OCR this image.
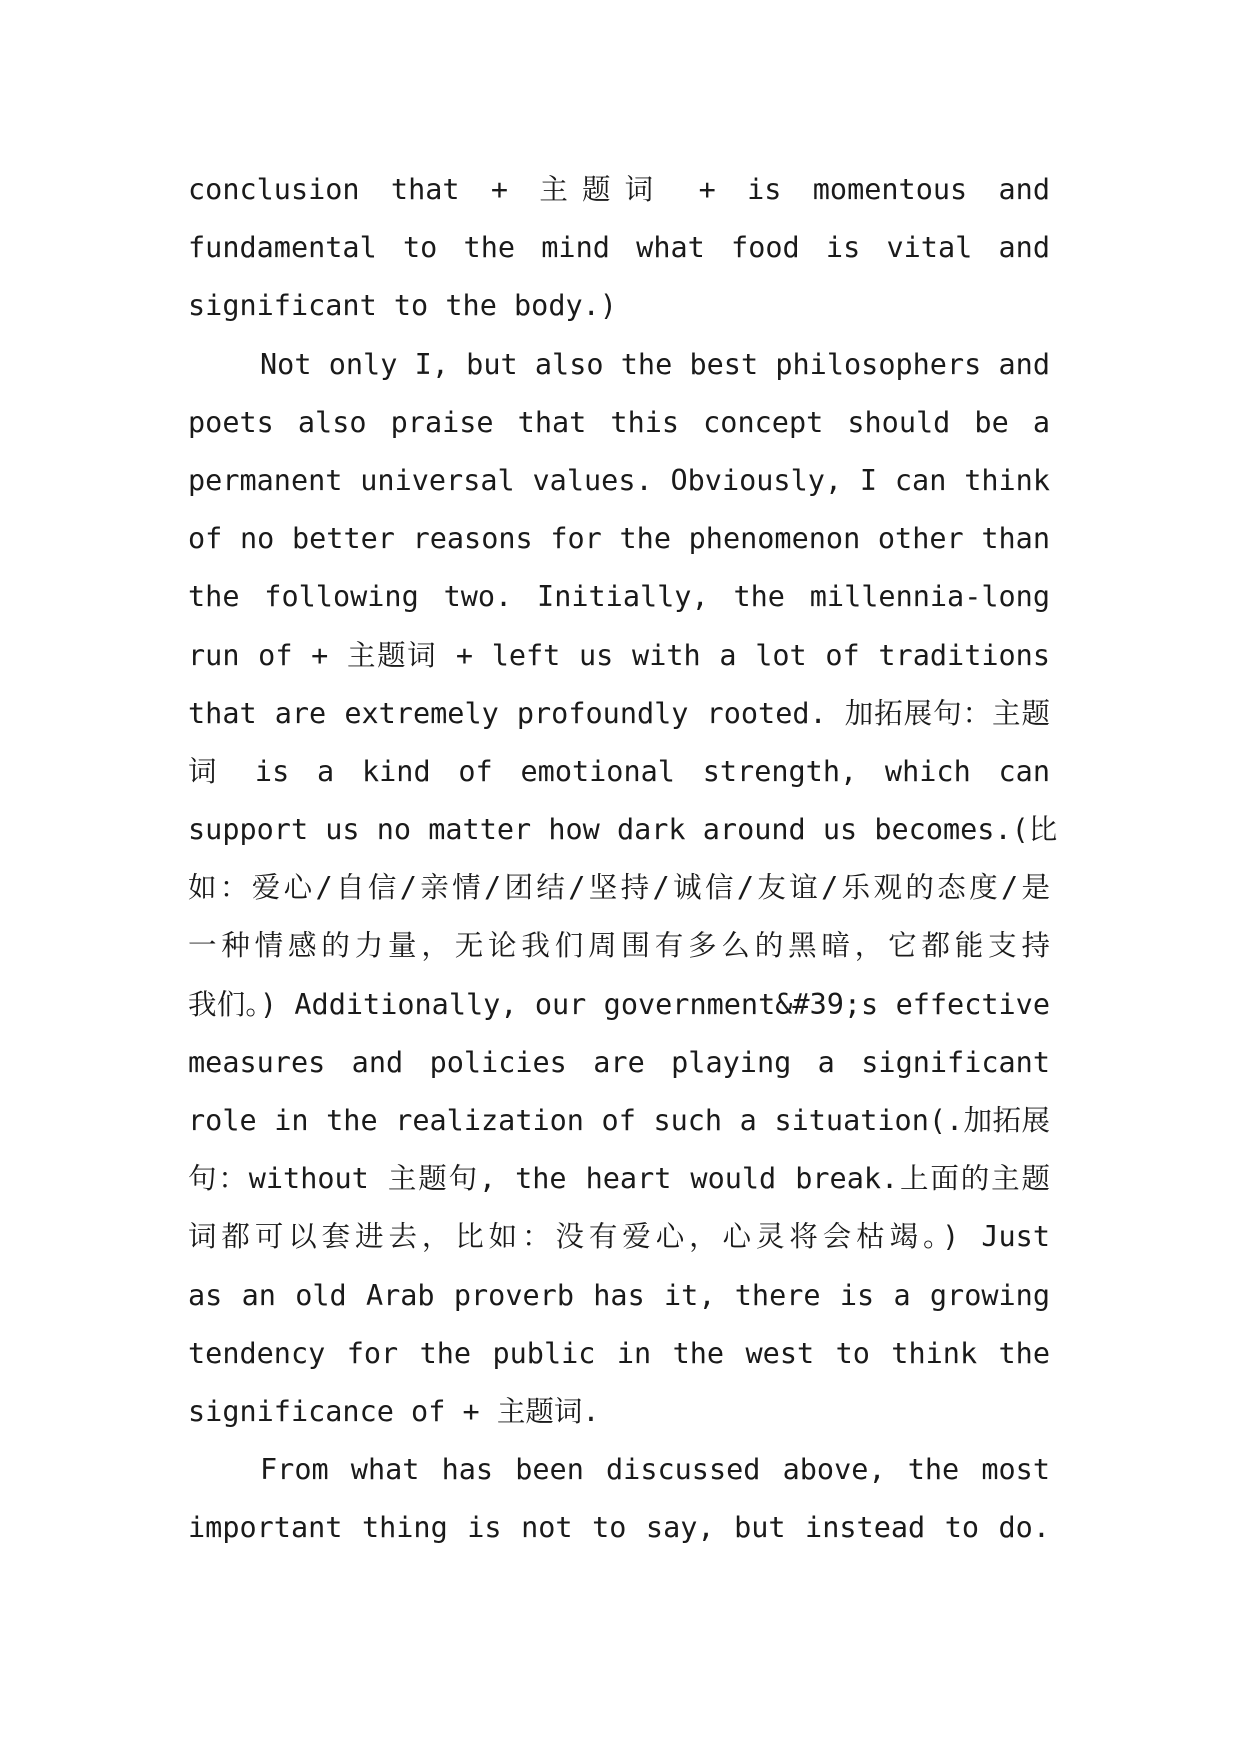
conclusion that + 主题词 + is momentous and
fundamental to the mind what food is vital and
significant to the body.)
Not only I, but also the best philosophers and
poets also praise that this concept should be a
permanent universal values. Obviously, I can think
of no better reasons for the phenomenon other than
the following two. Initially, the millennia-long
run of + 主题词 + left us with a lot of traditions
that are extremely profoundly rooted. 加拓展句：主题
词 is a kind of emotional strength, which can
support us no matter how dark around us becomes.(比
如：爱心/自信/亲情/团结/坚持/诚信/友谊/乐观的态度/是
一种情感的力量，无论我们周围有多么的黑暗，它都能支持
我们。) Additionally, our government&#39;s effective
measures and policies are playing a significant
role in the realization of such a situation(.加拓展
句：without 主题句, the heart would break.上面的主题
词都可以套进去，比如：没有爱心，心灵将会枯竭。) Just
as an old Arab proverb has it, there is a growing
tendency for the public in the west to think the
significance of + 主题词.
From what has been discussed above, the most
important thing is not to say, but instead to do.
